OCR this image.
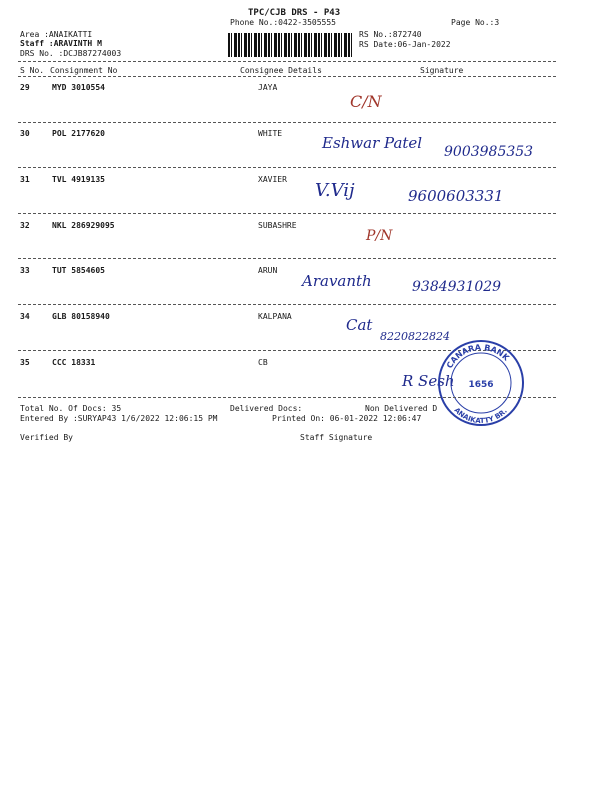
TPC/CJB DRS - P43
Phone No.:0422-3505555	Page No.:3
Area :ANAIKATTI
Staff :ARAVINTH M
DRS No. :DCJB87274003
RS No.:872740
RS Date:06-Jan-2022
S No. Consignment No	Consignee Details	Signature
29	MYD 3010554	JAYA
C/N
30	POL 2177620	WHITE
Eshwar Patel 9003985353
31	TVL 4919135	XAVIER
V.Vij	9600603331
32	NKL 286929095	SUBASHRE
P/N
33	TUT 5854605	ARUN
Aravanth	9384931029
34	GLB 80158940	KALPANA	Cat
8220822824
35	CCC 18331	CB
R Sesh
CANARA BANK
ANAIKATTY BR.
1656
Total No. Of Docs: 35	Delivered Docs:	Non Delivered D
Entered By :SURYAP43 1/6/2022 12:06:15 PM	Printed On: 06-01-2022 12:06:47
Verified By	Staff Signature
